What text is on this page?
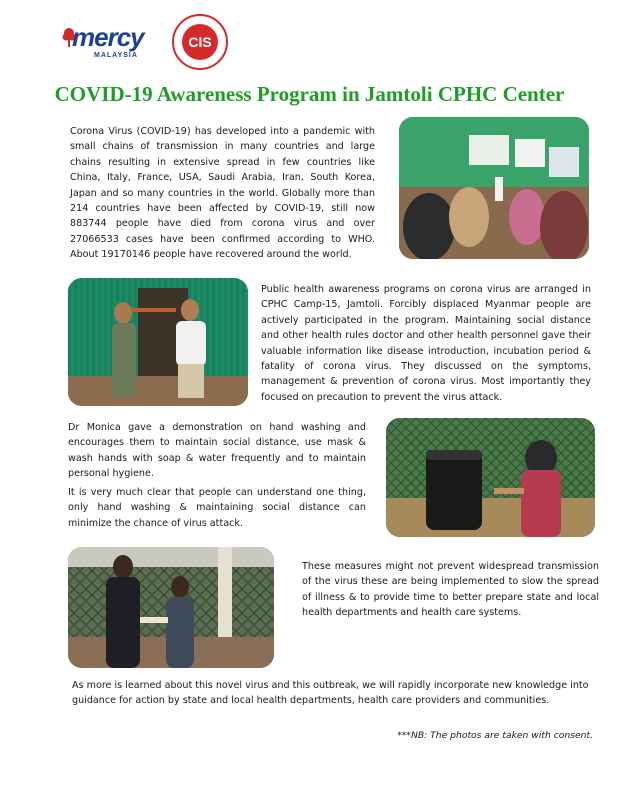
mercy
MALAYSIA
CIS
COVID-19 Awareness Program in Jamtoli CPHC Center

Corona Virus (COVID-19) has developed into a pandemic with small chains of transmission in many countries and large chains resulting in extensive spread in few countries like China, Italy, France, USA, Saudi Arabia, Iran, South Korea, Japan and so many countries in the world. Globally more than 214 countries have been affected by COVID-19, still now 883744 people have died from corona virus and over 27066533 cases have been confirmed according to WHO. About 19170146 people have recovered around the world.

Public health awareness programs on corona virus are arranged in CPHC Camp-15, Jamtoli. Forcibly displaced Myanmar people are actively participated in the program. Maintaining social distance and other health rules doctor and other health personnel gave their valuable information like disease introduction, incubation period & fatality of corona virus. They discussed on the symptoms, management & prevention of corona virus. Most importantly they focused on precaution to prevent the virus attack.

Dr Monica gave a demonstration on hand washing and encourages them to maintain social distance, use mask & wash hands with soap & water frequently and to maintain personal hygiene.

It is very much clear that people can understand one thing, only hand washing & maintaining social distance can minimize the chance of virus attack.

These measures might not prevent widespread transmission of the virus these are being implemented to slow the spread of illness & to provide time to better prepare state and local health departments and health care systems.

As more is learned about this novel virus and this outbreak, we will rapidly incorporate new knowledge into guidance for action by state and local health departments, health care providers and communities.

***NB: The photos are taken with consent.
